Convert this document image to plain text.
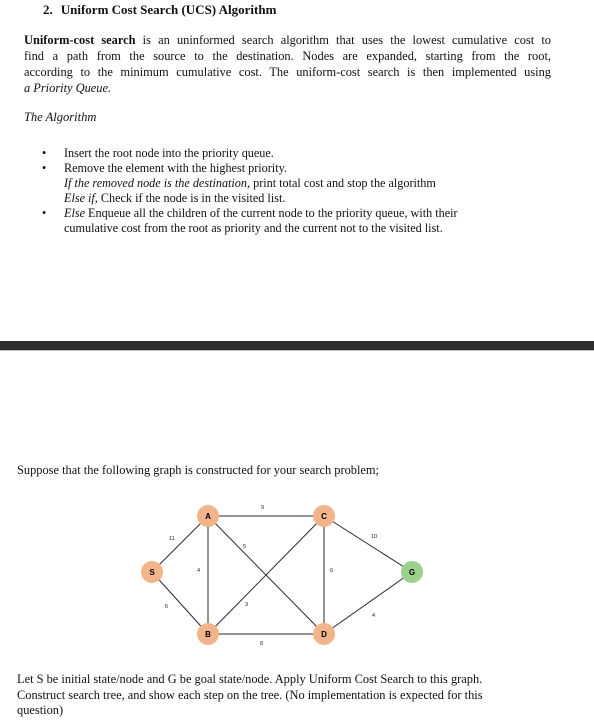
2. Uniform Cost Search (UCS) Algorithm
Uniform-cost search is an uninformed search algorithm that uses the lowest cumulative cost to
find a path from the source to the destination. Nodes are expanded, starting from the root,
according to the minimum cumulative cost. The uniform-cost search is then implemented using
a Priority Queue.
The Algorithm
• Insert the root node into the priority queue.
• Remove the element with the highest priority.
If the removed node is the destination, print total cost and stop the algorithm
Else if, Check if the node is in the visited list.
• Else Enqueue all the children of the current node to the priority queue, with their
cumulative cost from the root as priority and the current not to the visited list.
Suppose that the following graph is constructed for your search problem;
11
6
4
9
5
3
8
6
10
4
S
A
B
C
D
G
Let S be initial state/node and G be goal state/node. Apply Uniform Cost Search to this graph.
Construct search tree, and show each step on the tree. (No implementation is expected for this
question)
